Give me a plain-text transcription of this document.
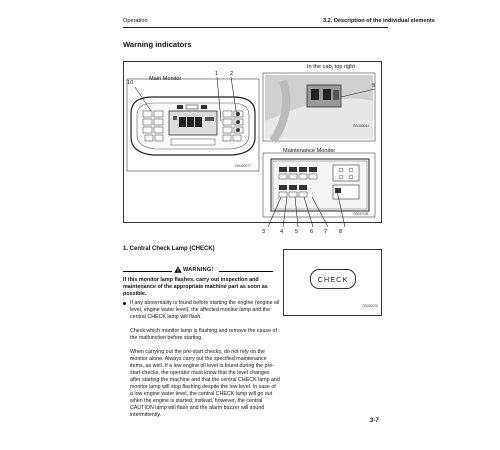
Operation	3.2. Description of the individual elements
Warning indicators
Main Monitor
In the cab, top right
Maintenance Monitor
10
1 2
9
3	4 5 6 7 8
GBO80077
GBO80044
GB030038
1. Central Check Lamp (CHECK)
WARNING!
If this monitor lamp flashes, carry out inspection and maintenance of the appropriate machine part as soon as possible.
If any abnormality is found before starting the engine (engine oil level, engine water level), the affected monitor lamp and the central CHECK lamp will flash.
Check which monitor lamp is flashing and remove the cause of the malfunction before starting.
When carrying out the pre-start checks, do not rely on the monitor alone. Always carry out the specified maintenance items, as well. If a low engine oil level is found during the pre-start checks, the operator must know that the level changes after starting the machine and that the central CHECK lamp and monitor lamp will stop flashing despite the low level. In case of a low engine water level, the central CHECK lamp will go out when the engine is started; instead, however, the central CAUTION lamp will flash and the alarm buzzer will sound intermittently.
CHECK
GBO80078
3-7
